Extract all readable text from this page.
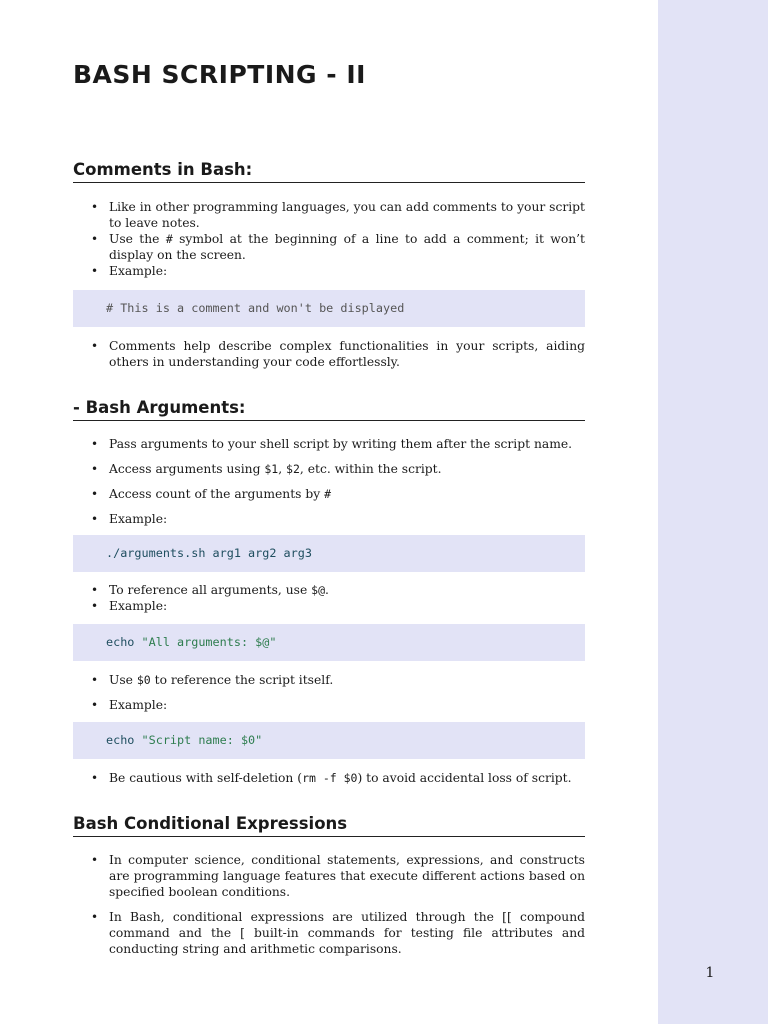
1
BASH SCRIPTING - II
Comments in Bash:
• Like in other programming languages, you can add comments to your script to leave notes.
• Use the # symbol at the beginning of a line to add a comment; it won’t display on the screen.
• Example:
# This is a comment and won't be displayed
• Comments help describe complex functionalities in your scripts, aiding others in understanding your code effortlessly.
- Bash Arguments:
• Pass arguments to your shell script by writing them after the script name.
• Access arguments using $1, $2, etc. within the script.
• Access count of the arguments by #
• Example:
./arguments.sh arg1 arg2 arg3
• To reference all arguments, use $@.
• Example:
echo "All arguments: $@"
• Use $0 to reference the script itself.
• Example:
echo "Script name: $0"
• Be cautious with self-deletion (rm -f $0) to avoid accidental loss of script.
Bash Conditional Expressions
• In computer science, conditional statements, expressions, and constructs are programming language features that execute different actions based on specified boolean conditions.
• In Bash, conditional expressions are utilized through the [[ compound command and the [ built-in commands for testing file attributes and conducting string and arithmetic comparisons.
